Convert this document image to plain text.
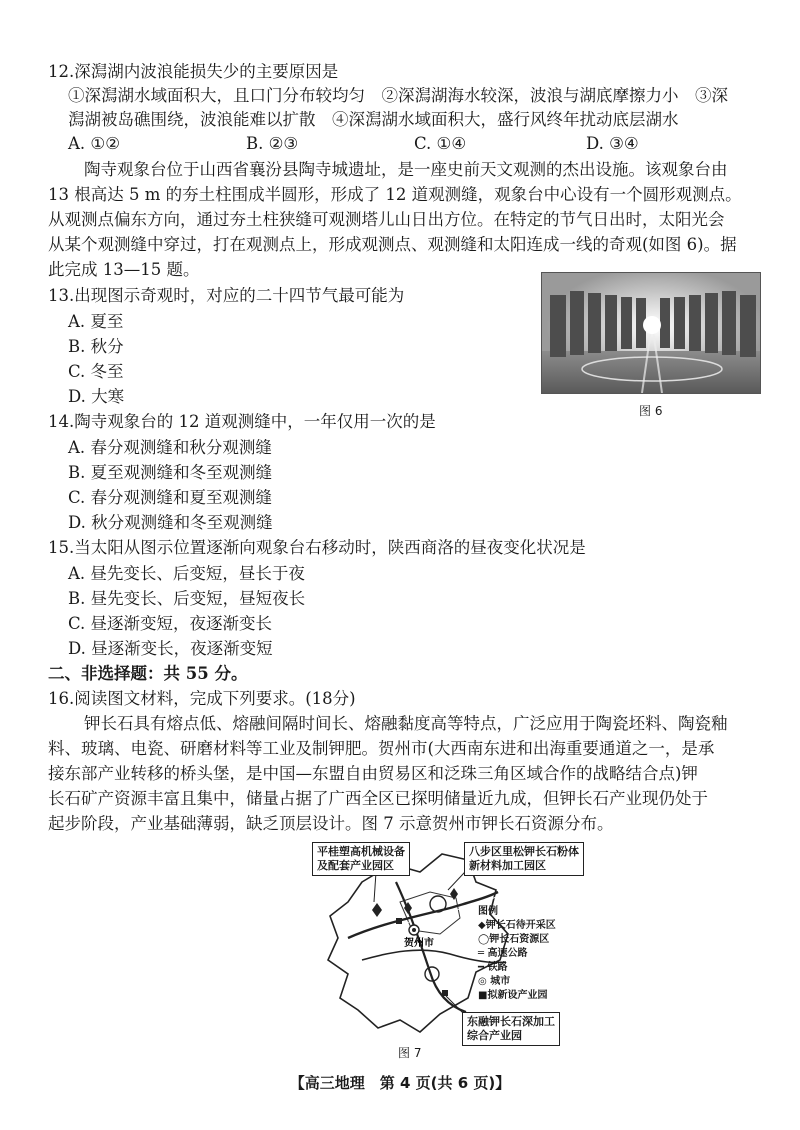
12.深澙湖内波浪能损失少的主要原因是
①深澙湖水域面积大，且口门分布较均匀　②深澙湖海水较深，波浪与湖底摩擦力小　③深
澙湖被岛礁围绕，波浪能难以扩散　④深澙湖水域面积大，盛行风终年扰动底层湖水
A. ①②	B. ②③	C. ①④	D. ③④
陶寺观象台位于山西省襄汾县陶寺城遗址，是一座史前天文观测的杰出设施。该观象台由
13 根高达 5 m 的夯土柱围成半圆形，形成了 12 道观测缝，观象台中心设有一个圆形观测点。
从观测点偏东方向，通过夯土柱狭缝可观测塔儿山日出方位。在特定的节气日出时，太阳光会
从某个观测缝中穿过，打在观测点上，形成观测点、观测缝和太阳连成一线的奇观(如图 6)。据
此完成 13—15 题。
13.出现图示奇观时，对应的二十四节气最可能为
A. 夏至
B. 秋分
C. 冬至
D. 大寒
图 6
14.陶寺观象台的 12 道观测缝中，一年仅用一次的是
A. 春分观测缝和秋分观测缝
B. 夏至观测缝和冬至观测缝
C. 春分观测缝和夏至观测缝
D. 秋分观测缝和冬至观测缝
15.当太阳从图示位置逐渐向观象台右移动时，陕西商洛的昼夜变化状况是
A. 昼先变长、后变短，昼长于夜
B. 昼先变长、后变短，昼短夜长
C. 昼逐渐变短，夜逐渐变长
D. 昼逐渐变长，夜逐渐变短
二、非选择题：共 55 分。
16.阅读图文材料，完成下列要求。(18分)
钾长石具有熔点低、熔融间隔时间长、熔融黏度高等特点，广泛应用于陶瓷坯料、陶瓷釉
料、玻璃、电瓷、研磨材料等工业及制钾肥。贺州市(大西南东进和出海重要通道之一，是承
接东部产业转移的桥头堡，是中国—东盟自由贸易区和泛珠三角区域合作的战略结合点)钾
长石矿产资源丰富且集中，储量占据了广西全区已探明储量近九成，但钾长石产业现仍处于
起步阶段，产业基础薄弱，缺乏顶层设计。图 7 示意贺州市钾长石资源分布。
贺州市
平桂塑高机械设备
及配套产业园区
八步区里松钾长石粉体
新材料加工园区
东融钾长石深加工
综合产业园
图例
◆钾长石待开采区
◯钾长石资源区
═ 高速公路
━ 铁路
◎ 城市
■拟新设产业园
图 7
【高三地理　第 4 页(共 6 页)】
